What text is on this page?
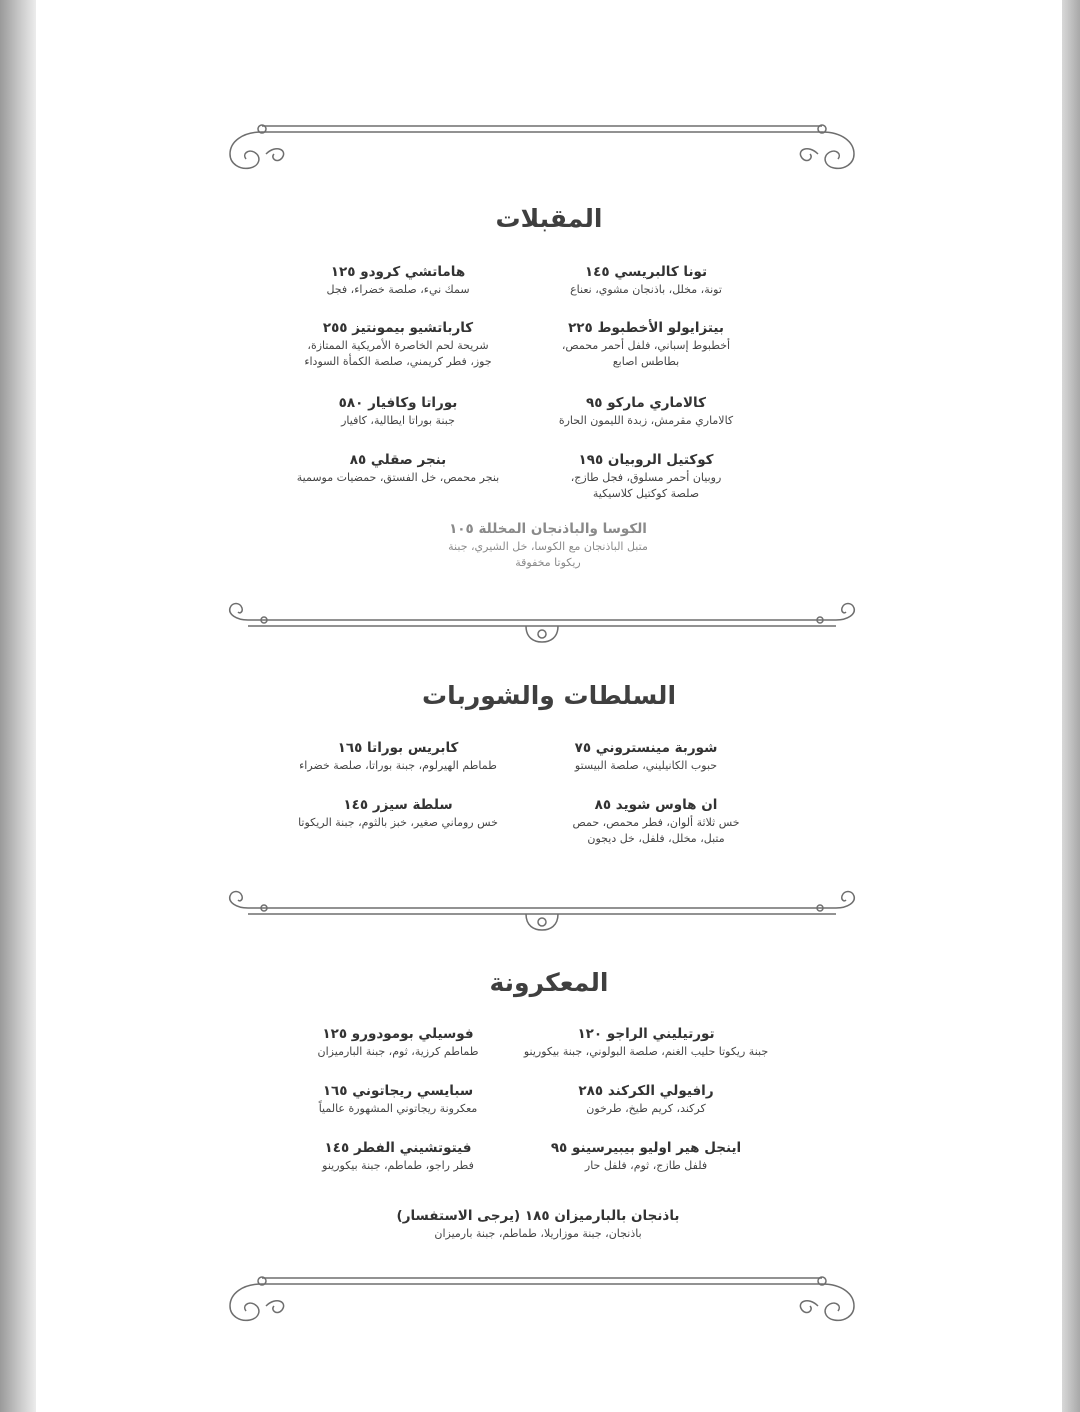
المقبلات
تونا كالبريسي ١٤٥
تونة، مخلل، باذنجان مشوي، نعناع
هاماتشي كرودو ١٢٥
سمك نيء، صلصة خضراء، فجل
بيتزايولو الأخطبوط ٢٢٥
أخطبوط إسباني، فلفل أحمر محمص، بطاطس اصابع
كارباتشيو بيمونتيز ٢٥٥
شريحة لحم الخاصرة الأمريكية الممتازة، جوز، فطر كريمني، صلصة الكمأة السوداء
كالاماري ماركو ٩٥
كالاماري مقرمش، زبدة الليمون الحارة
بوراتا وكافيار ٥٨٠
جبنة بوراتا ايطالية، كافيار
كوكتيل الروبيان ١٩٥
روبيان أحمر مسلوق، فجل طازج، صلصة كوكتيل كلاسيكية
بنجر صقلي ٨٥
بنجر محمص، خل الفستق، حمضيات موسمية
الكوسا والباذنجان المخللة ١٠٥
متبل الباذنجان مع الكوسا، خل الشيري، جبنة ريكوتا مخفوقة
السلطات والشوربات
شوربة مينستروني ٧٥
حبوب الكانيليني، صلصة البيستو
كابريس بوراتا ١٦٥
طماطم الهيرلوم، جبنة بوراتا، صلصة خضراء
ان هاوس شويد ٨٥
خس ثلاثة ألوان، فطر محمص، حمص متبل، مخلل، فلفل، خل ديجون
سلطة سيزر ١٤٥
خس روماني صغير، خبز بالثوم، جبنة الريكوتا
المعكرونة
تورتيليني الراجو ١٢٠
جبنة ريكوتا حليب الغنم، صلصة البولوني، جبنة بيكورينو
فوسيلي بومودورو ١٢٥
طماطم كرزية، ثوم، جبنة البارميزان
رافيولي الكركند ٢٨٥
كركند، كريم طيخ، طرخون
سبايسي ريجاتوني ١٦٥
معكرونة ريجاتوني المشهورة عالمياً
اينجل هير اوليو بيبيرسينو ٩٥
فلفل طازج، ثوم، فلفل حار
فيتوتشيني الفطر ١٤٥
فطر راجو، طماطم، جبنة بيكورينو
باذنجان بالبارميزان ١٨٥ (يرجى الاستفسار)
باذنجان، جبنة موزاريلا، طماطم، جبنة بارميزان
